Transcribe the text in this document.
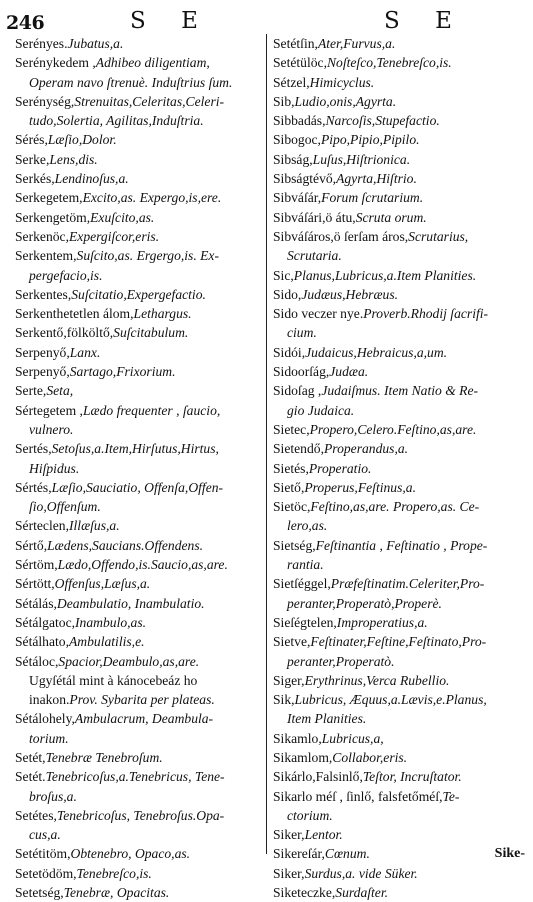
246	S E	S E
Serényes.Jubatus,a.
Serénykedem ,Adhibeo diligentiam,
Operam navo ſtrenuè. Induſtrius ſum.
Serénység,Strenuitas,Celeritas,Celeri-
tudo,Solertia, Agilitas,Induſtria.
Sérés,Læſio,Dolor.
Serke,Lens,dis.
Serkés,Lendinoſus,a.
Serkegetem,Excito,as. Expergo,is,ere.
Serkengetöm,Exuſcito,as.
Serkenöc,Expergiſcor,eris.
Serkentem,Suſcito,as. Ergergo,is. Ex-
pergefacio,is.
Serkentes,Suſcitatio,Expergefactio.
Serkenthetetlen álom,Lethargus.
Serkentő,fölköltő,Suſcitabulum.
Serpenyő,Lanx.
Serpenyő,Sartago,Frixorium.
Serte,Seta,
Sértegetem ,Lædo frequenter , ſaucio,
vulnero.
Sertés,Setoſus,a.Item,Hirſutus,Hirtus,
Hiſpidus.
Sértés,Læſio,Sauciatio, Offenſa,Offen-
ſio,Offenſum.
Sérteclen,Illæſus,a.
Sértő,Lædens,Saucians.Offendens.
Sértöm,Lædo,Offendo,is.Saucio,as,are.
Sértött,Offenſus,Læſus,a.
Sétálás,Deambulatio, Inambulatio.
Sétálgatoc,Inambulo,as.
Sétálhato,Ambulatilis,e.
Sétáloc,Spacior,Deambulo,as,are.
Ugyſétál mint à kánocebeáz ho
inakon.Prov. Sybarita per plateas.
Sétálohely,Ambulacrum, Deambula-
torium.
Setét,Tenebræ Tenebroſum.
Setét.Tenebricoſus,a.Tenebricus, Tene-
broſus,a.
Setétes,Tenebricoſus, Tenebroſus.Opa-
cus,a.
Setétitöm,Obtenebro, Opaco,as.
Setetödöm,Tenebreſco,is.
Setetség,Tenebræ, Opacitas.
Setétſin,Ater,Furvus,a.
Setétülöc,Noſteſco,Tenebreſco,is.
Sétzel,Himicyclus.
Sib,Ludio,onis,Agyrta.
Sibbadás,Narcoſis,Stupefactio.
Sibogoc,Pipo,Pipio,Pipilo.
Sibság,Luſus,Hiſtrionica.
Sibságtévő,Agyrta,Hiſtrio.
Sibváſár,Forum ſcrutarium.
Sibváſári,ö átu,Scruta orum.
Sibváſáros,ö ſerſam áros,Scrutarius,
Scrutaria.
Sic,Planus,Lubricus,a.Item Planities.
Sido,Judæus,Hebræus.
Sido veczer nye.Proverb.Rhodij ſacrifi-
cium.
Sidói,Judaicus,Hebraicus,a,um.
Sidoorſág,Judæa.
Sidoſag ,Judaiſmus. Item Natio & Re-
gio Judaica.
Sietec,Propero,Celero.Feſtino,as,are.
Sietendő,Properandus,a.
Sietés,Properatio.
Siető,Properus,Feſtinus,a.
Sietöc,Feſtino,as,are. Propero,as. Ce-
lero,as.
Sietség,Feſtinantia , Feſtinatio , Prope-
rantia.
Sietſéggel,Præfeſtinatim.Celeriter,Pro-
peranter,Properatò,Properè.
Sieſégtelen,Improperatius,a.
Sietve,Feſtinater,Feſtine,Feſtinato,Pro-
peranter,Properatò.
Siger,Erythrinus,Verca Rubellio.
Sik,Lubricus, Æquus,a.Lævis,e.Planus,
Item Planities.
Sikamlo,Lubricus,a,
Sikamlom,Collabor,eris.
Sikárlo,Falsinlő,Teſtor, Incruſtator.
Sikarlo méſ , ſinlő, falsfetőméſ,Te-
ctorium.
Siker,Lentor.
Sikereſár,Cœnum.
Siker,Surdus,a. vide Süker.
Siketeczke,Surdaſter.
Sike-
